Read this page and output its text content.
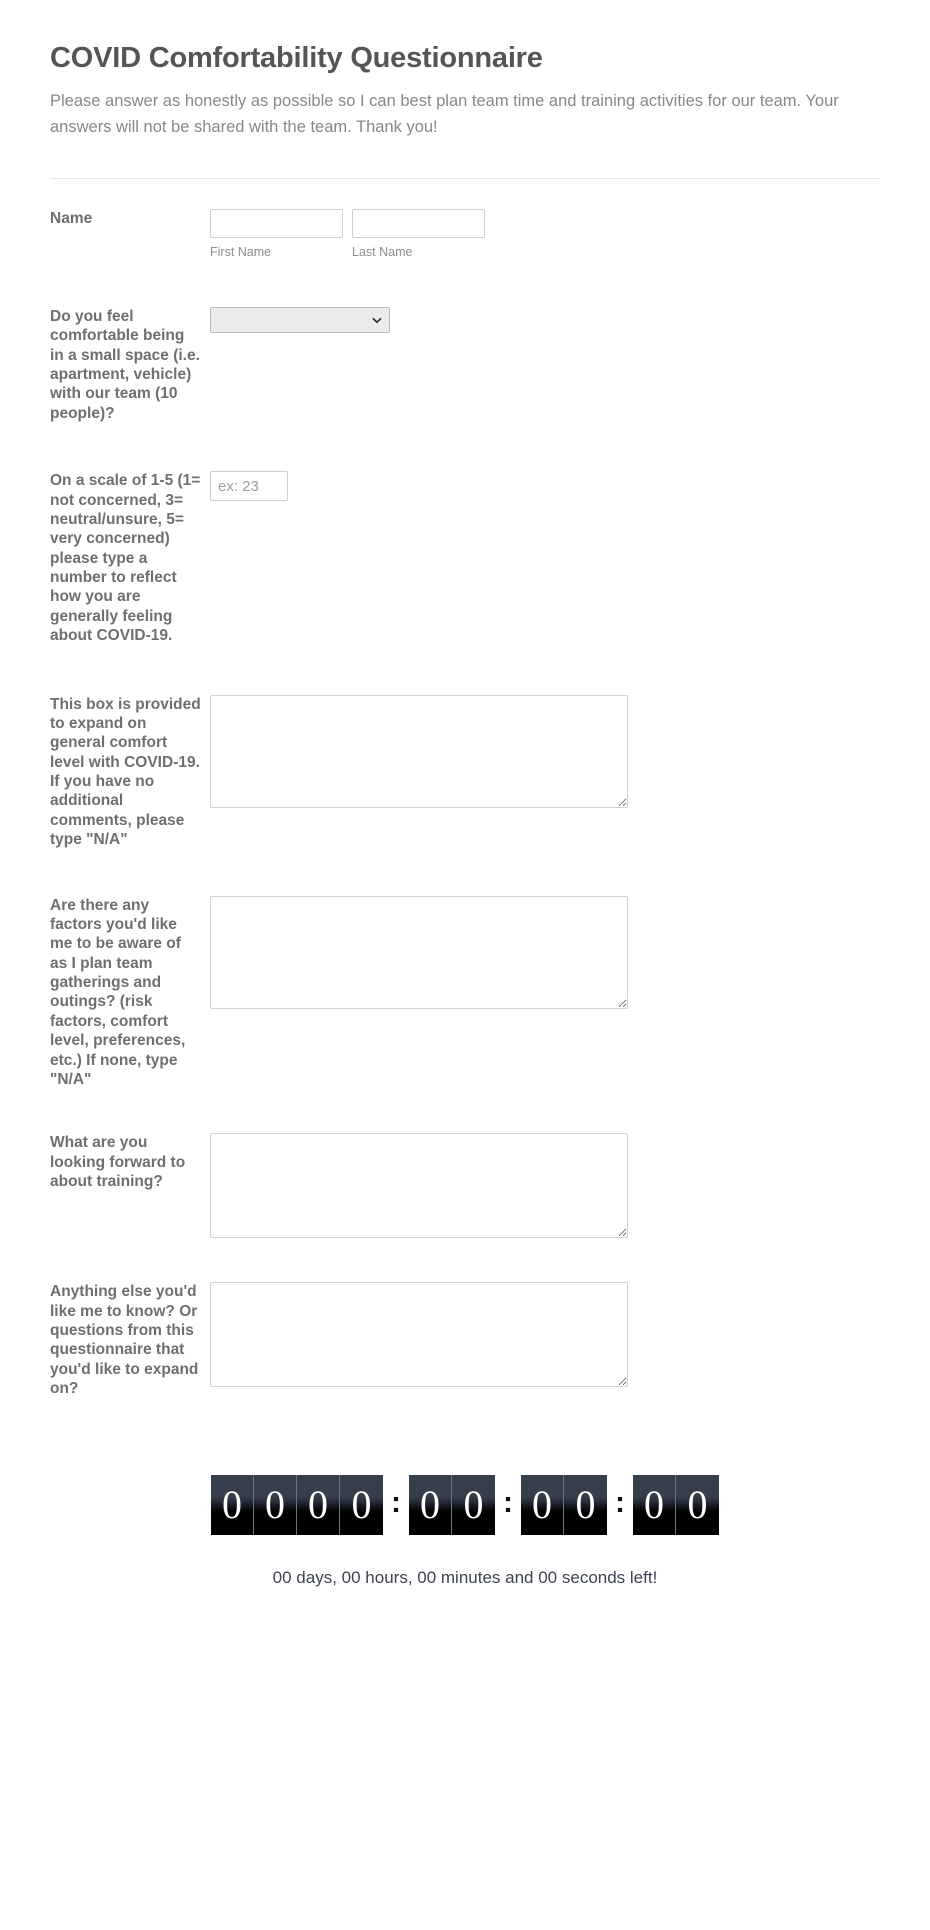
COVID Comfortability Questionnaire

Please answer as honestly as possible so I can best plan team time and training activities for our team. Your answers will not be shared with the team. Thank you!

Name
First Name	Last Name
Do you feel comfortable being in a small space (i.e. apartment, vehicle) with our team (10 people)?
On a scale of 1-5 (1= not concerned, 3= neutral/unsure, 5= very concerned) please type a number to reflect how you are generally feeling about COVID-19.
ex: 23
This box is provided to expand on general comfort level with COVID-19. If you have no additional comments, please type "N/A"
Are there any factors you'd like me to be aware of as I plan team gatherings and outings? (risk factors, comfort level, preferences, etc.) If none, type "N/A"
What are you looking forward to about training?
Anything else you'd like me to know? Or questions from this questionnaire that you'd like to expand on?
0 0 0 0 : 0 0 : 0 0 : 0 0
00 days, 00 hours, 00 minutes and 00 seconds left!
